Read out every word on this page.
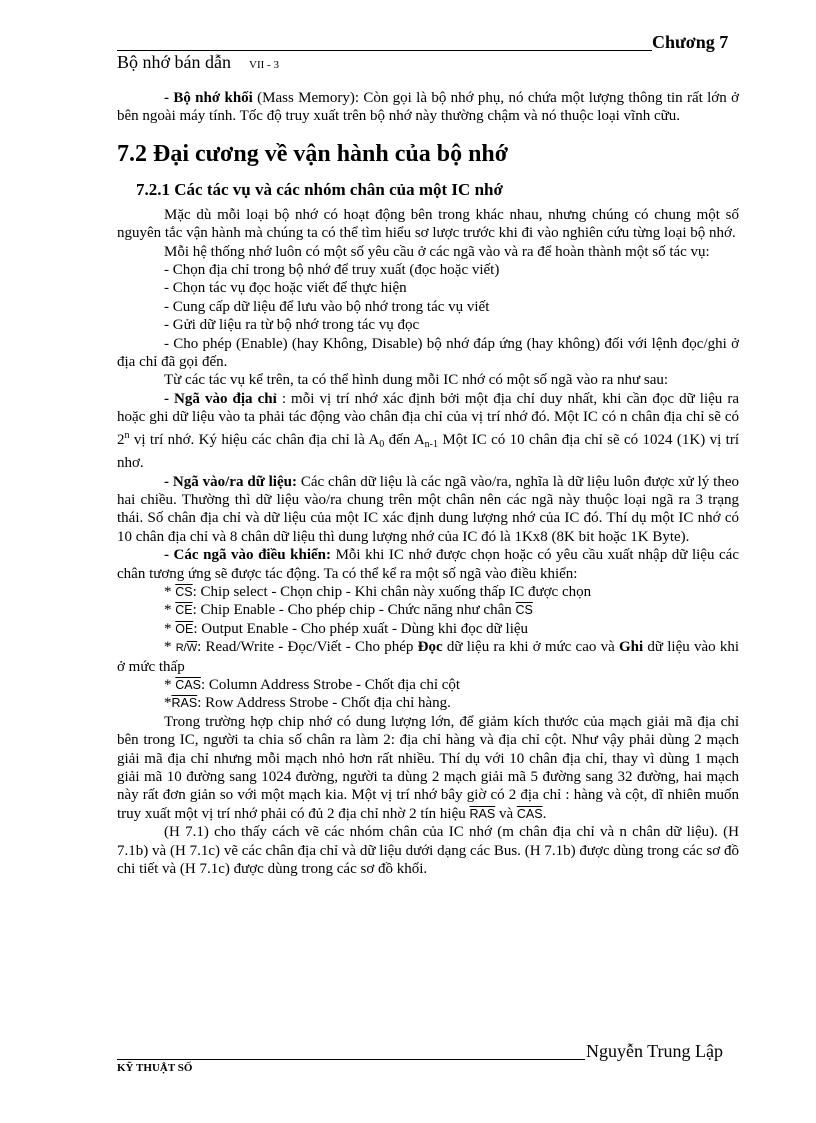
Chương 7
Bộ nhớ bán dẫn VII - 3

- Bộ nhớ khối (Mass Memory): Còn gọi là bộ nhớ phụ, nó chứa một lượng thông tin rất lớn ở bên ngoài máy tính. Tốc độ truy xuất trên bộ nhớ này thường chậm và nó thuộc loại vĩnh cữu.

7.2 Đại cương về vận hành của bộ nhớ

7.2.1 Các tác vụ và các nhóm chân của một IC nhớ

Mặc dù mỗi loại bộ nhớ có hoạt động bên trong khác nhau, nhưng chúng có chung một số nguyên tắc vận hành mà chúng ta có thể tìm hiểu sơ lược trước khi đi vào nghiên cứu từng loại bộ nhớ.

Mỗi hệ thống nhớ luôn có một số yêu cầu ở các ngã vào và ra để hoàn thành một số tác vụ:

- Chọn địa chỉ trong bộ nhớ để truy xuất (đọc hoặc viết)

- Chọn tác vụ đọc hoặc viết để thực hiện

- Cung cấp dữ liệu để lưu vào bộ nhớ trong tác vụ viết

- Gửi dữ liệu ra từ bộ nhớ trong tác vụ đọc

- Cho phép (Enable) (hay Không, Disable) bộ nhớ đáp ứng (hay không) đối với lệnh đọc/ghi ở địa chỉ đã gọi đến.

Từ các tác vụ kể trên, ta có thể hình dung mỗi IC nhớ có một số ngã vào ra như sau:

- Ngã vào địa chỉ : mỗi vị trí nhớ xác định bởi một địa chỉ duy nhất, khi cần đọc dữ liệu ra hoặc ghi dữ liệu vào ta phải tác động vào chân địa chỉ của vị trí nhớ đó. Một IC có n chân địa chỉ sẽ có 2$^n$ vị trí nhớ. Ký hiệu các chân địa chỉ là $A_0$ đến $A_{n-1}$ Một IC có 10 chân địa chỉ sẽ có 1024 (1K) vị trí nhơ.

- Ngã vào/ra dữ liệu: Các chân dữ liệu là các ngã vào/ra, nghĩa là dữ liệu luôn được xử lý theo hai chiều. Thường thì dữ liệu vào/ra chung trên một chân nên các ngã này thuộc loại ngã ra 3 trạng thái. Số chân địa chỉ và dữ liệu của một IC xác định dung lượng nhớ của IC đó. Thí dụ một IC nhớ có 10 chân địa chỉ và 8 chân dữ liệu thì dung lượng nhớ của IC đó là 1Kx8 (8K bit hoặc 1K Byte).

- Các ngã vào điều khiển: Mỗi khi IC nhớ được chọn hoặc có yêu cầu xuất nhập dữ liệu các chân tương ứng sẽ được tác động. Ta có thể kể ra một số ngã vào điều khiển:

* $\overline{CS}$: Chip select - Chọn chip - Khi chân này xuống thấp IC được chọn

* $\overline{CE}$: Chip Enable - Cho phép chip - Chức năng như chân $\overline{CS}$

* $\overline{OE}$: Output Enable - Cho phép xuất - Dùng khi đọc dữ liệu

* $R/\overline{W}$: Read/Write - Đọc/Viết - Cho phép Đọc dữ liệu ra khi ở mức cao và Ghi dữ liệu vào khi ở mức thấp

* $\overline{CAS}$: Column Address Strobe - Chốt địa chỉ cột

$*\overline{RAS}$: Row Address Strobe - Chốt địa chỉ hàng.

Trong trường hợp chip nhớ có dung lượng lớn, để giảm kích thước của mạch giải mã địa chỉ bên trong IC, người ta chia số chân ra làm 2: địa chỉ hàng và địa chỉ cột. Như vậy phải dùng 2 mạch giải mã địa chỉ nhưng mỗi mạch nhỏ hơn rất nhiều. Thí dụ với 10 chân địa chỉ, thay vì dùng 1 mạch giải mã 10 đường sang 1024 đường, người ta dùng 2 mạch giải mã 5 đường sang 32 đường, hai mạch này rất đơn giản so với một mạch kia. Một vị trí nhớ bây giờ có 2 địa chỉ : hàng và cột, dĩ nhiên muốn truy xuất một vị trí nhớ phải có đủ 2 địa chỉ nhờ 2 tín hiệu $\overline{RAS}$ và $\overline{CAS}$.

(H 7.1) cho thấy cách vẽ các nhóm chân của IC nhớ (m chân địa chỉ và n chân dữ liệu). (H 7.1b) và (H 7.1c) vẽ các chân địa chỉ và dữ liệu dưới dạng các Bus. (H 7.1b) được dùng trong các sơ đồ chi tiết và (H 7.1c) được dùng trong các sơ đồ khối.

Nguyễn Trung Lập
KỸ THUẬT SỐ
